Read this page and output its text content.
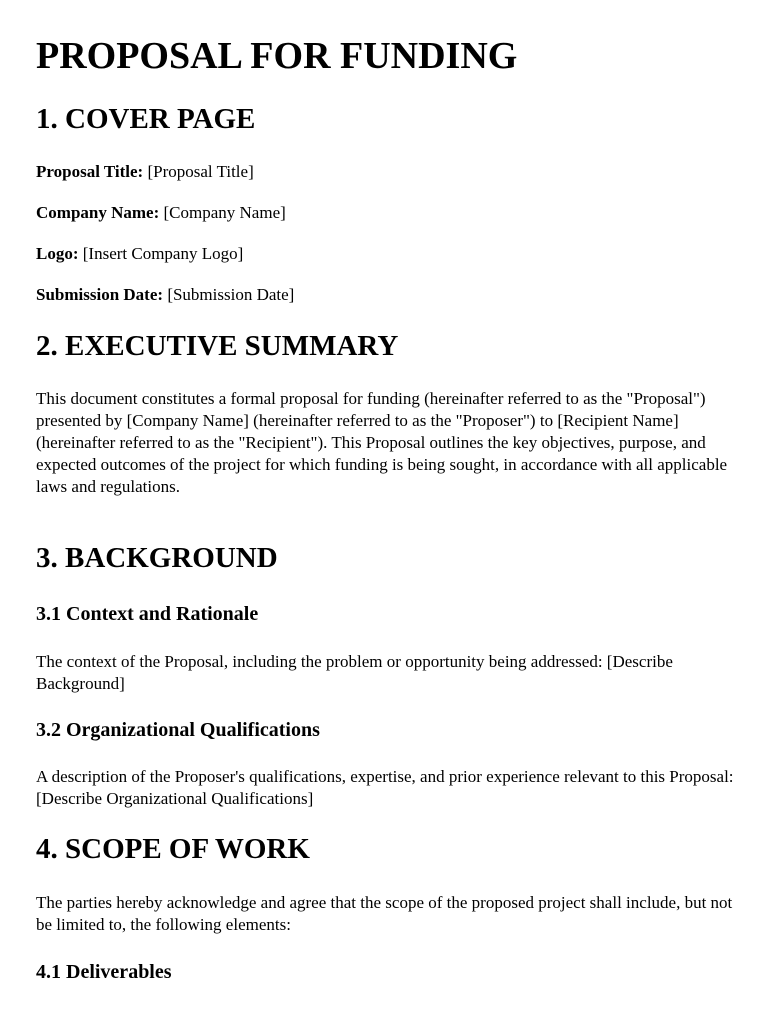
PROPOSAL FOR FUNDING
1. COVER PAGE

Proposal Title: [Proposal Title]

Company Name: [Company Name]

Logo: [Insert Company Logo]

Submission Date: [Submission Date]

2. EXECUTIVE SUMMARY

This document constitutes a formal proposal for funding (hereinafter referred to as the "Proposal") presented by [Company Name] (hereinafter referred to as the "Proposer") to [Recipient Name] (hereinafter referred to as the "Recipient"). This Proposal outlines the key objectives, purpose, and expected outcomes of the project for which funding is being sought, in accordance with all applicable laws and regulations.

3. BACKGROUND
3.1 Context and Rationale

The context of the Proposal, including the problem or opportunity being addressed: [Describe Background]

3.2 Organizational Qualifications

A description of the Proposer's qualifications, expertise, and prior experience relevant to this Proposal: [Describe Organizational Qualifications]

4. SCOPE OF WORK

The parties hereby acknowledge and agree that the scope of the proposed project shall include, but not be limited to, the following elements:

4.1 Deliverables
